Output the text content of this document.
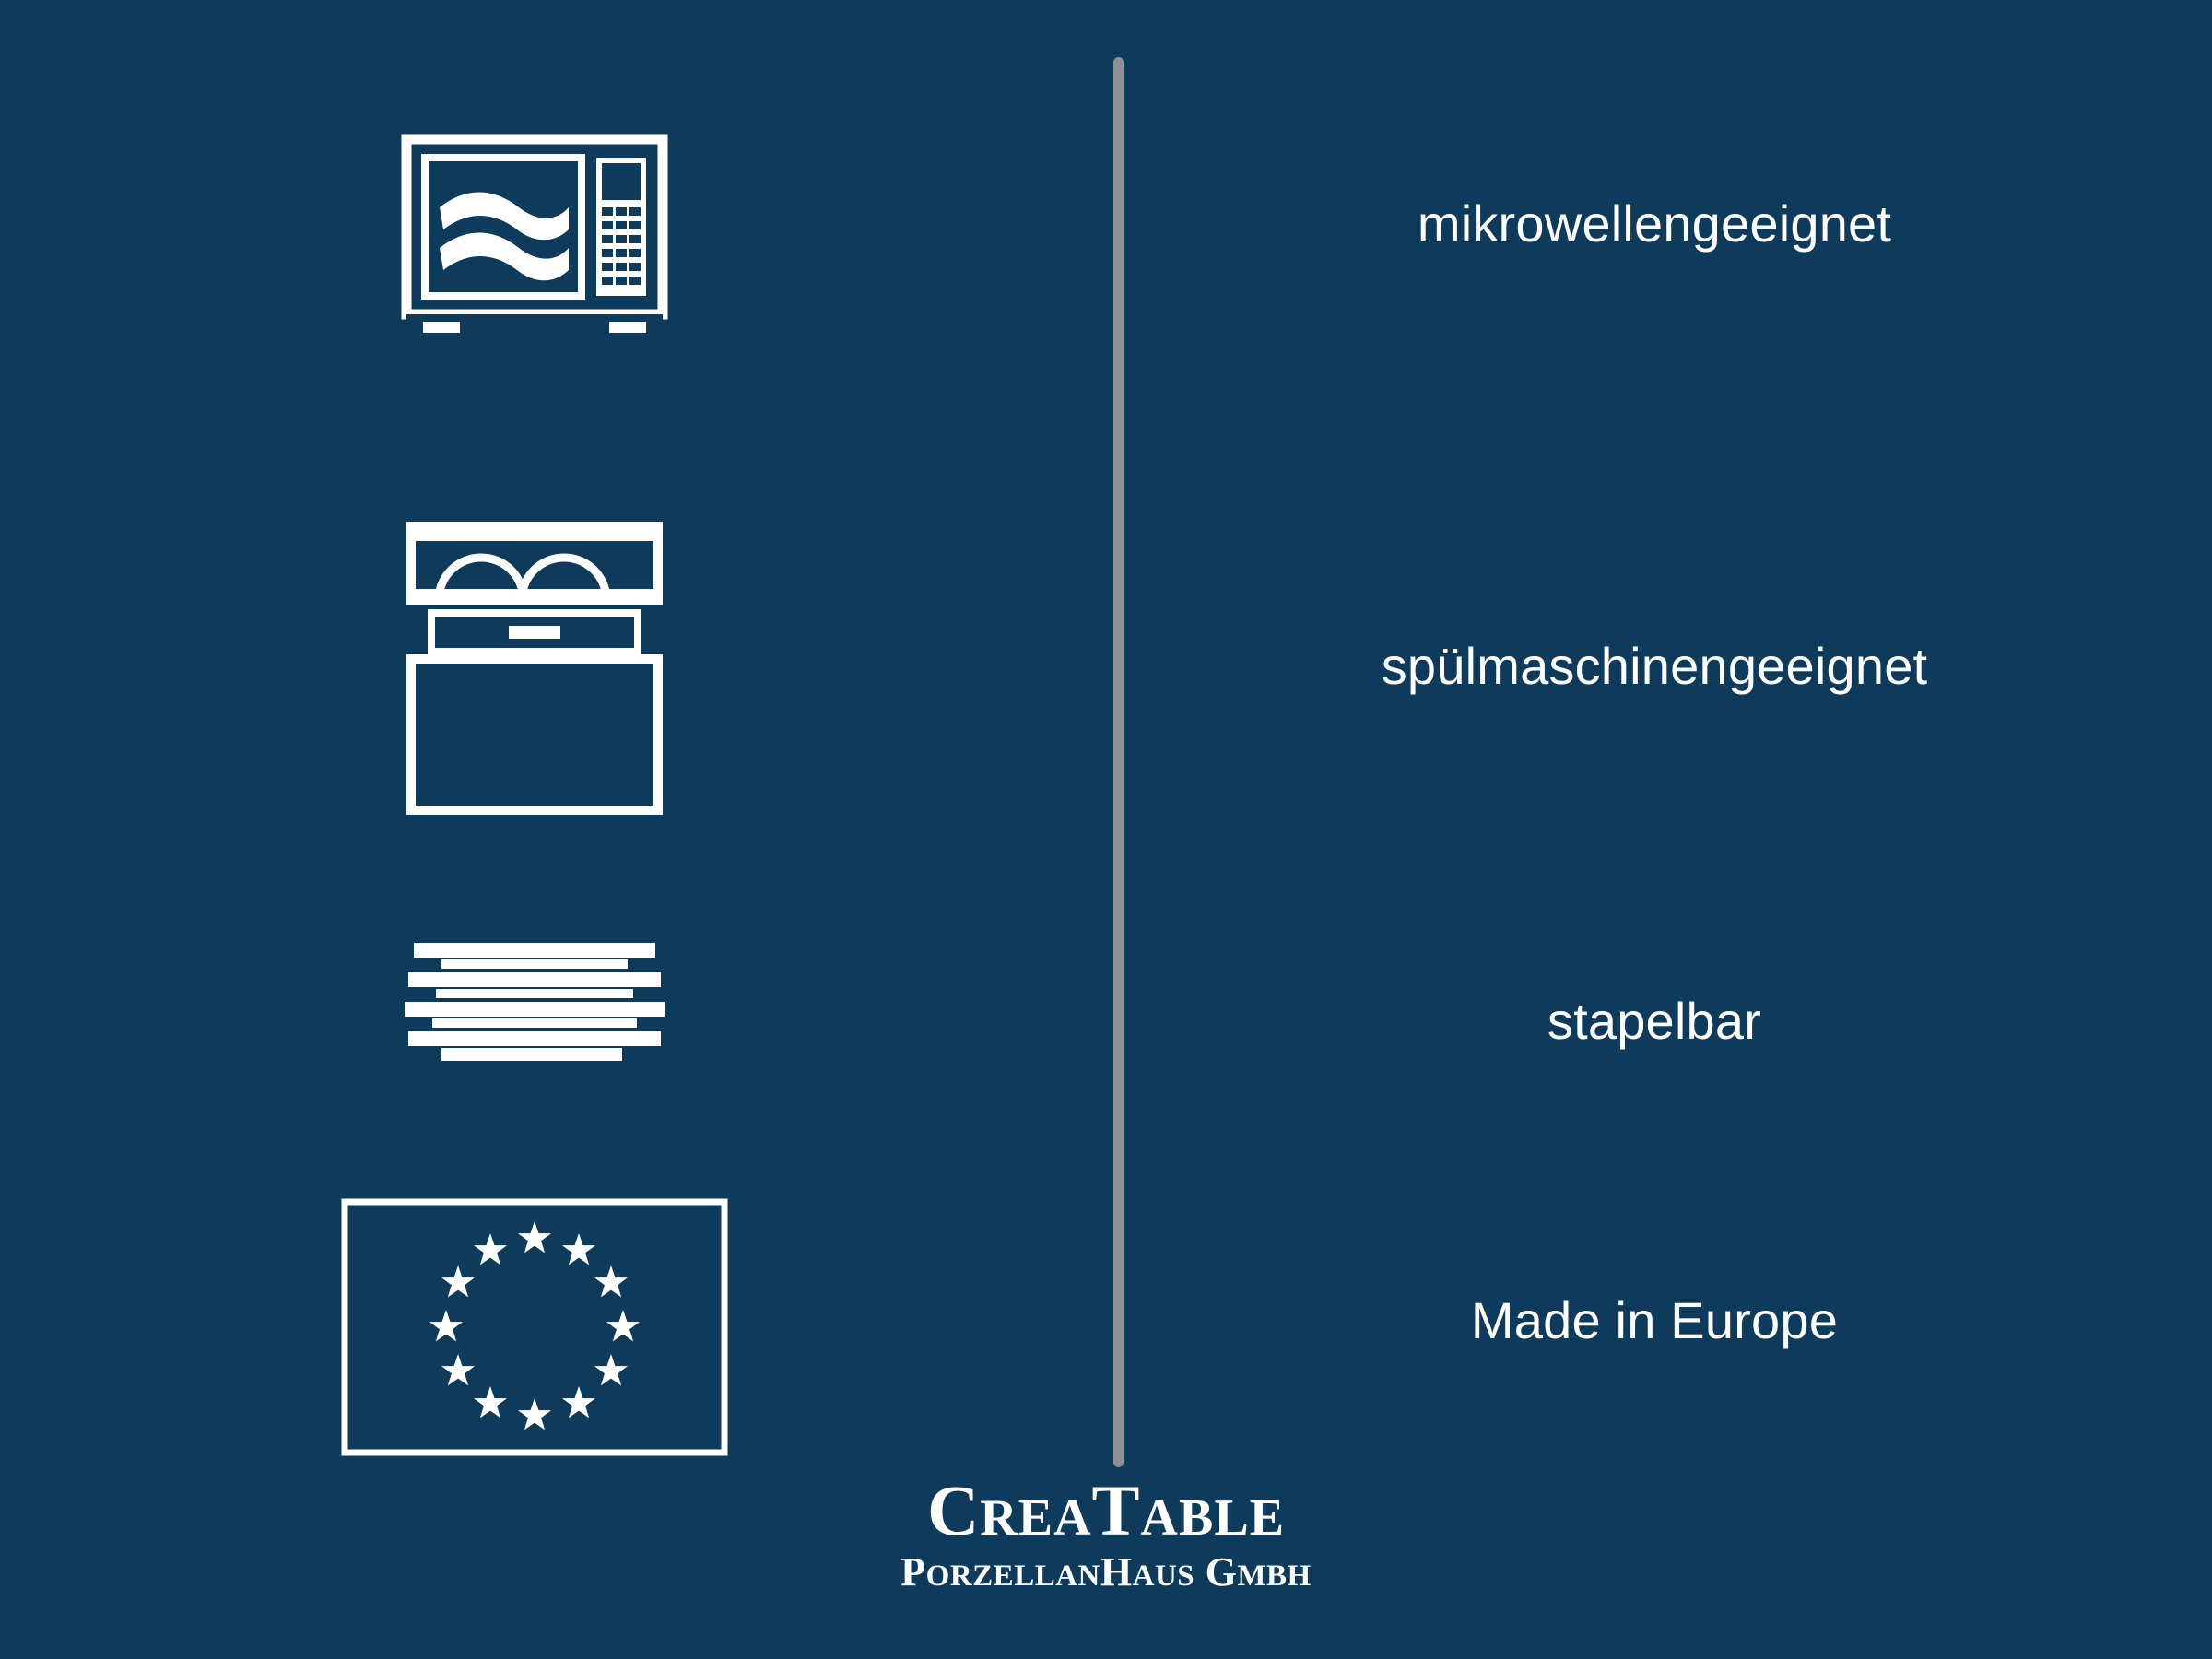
mikrowellengeeignet
spülmaschinengeeignet
stapelbar
Made in Europe
CREATABLE
PORZELLANHAUS GMBH
